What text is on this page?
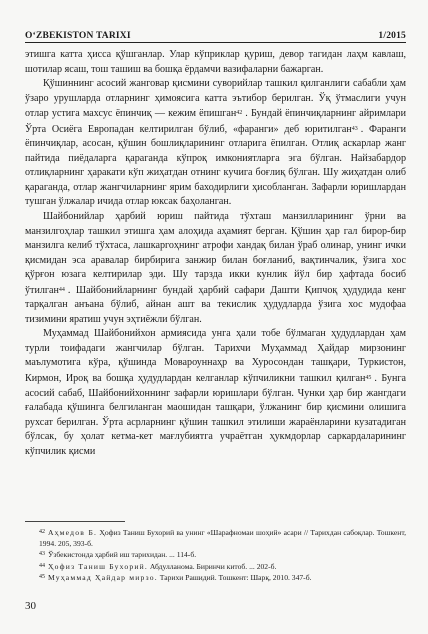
O‘ZBEKISTON TARIXI	1/2015

этишга катта ҳисса қўшганлар. Улар кўприклар қуриш, девор тагидан лаҳм кавлаш, шотилар ясаш, тош ташиш ва бошқа ёрдамчи вазифаларни бажарган.

Қўшиннинг асосий жанговар қисмини суворийлар ташкил қилганлиги сабабли ҳам ўзаро урушларда отларнинг ҳимоясига катта эътибор берилган. Ўқ ўтмаслиги учун отлар устига махсус ёпинчиқ — кежим ёпишган$^{42}$ . Бундай ёпинчиқларнинг айримлари Ўрта Осиёга Европадан келтирилган бўлиб, «фаранги» деб юритилган$^{43}$ . Фаранги ёпинчиқлар, асосан, қўшин бошлиқларининг отларига ёпилган. Отлиқ аскарлар жанг пайтида пиёдаларга қараганда кўпроқ имкониятларга эга бўлган. Найзабардор отлиқларнинг ҳаракати кўп жиҳатдан отнинг кучига боғлиқ бўлган. Шу жиҳатдан олиб қараганда, отлар жангчиларнинг ярим баходирлиги ҳисобланган. Зафарли юришлардан тушган ўлжалар ичида отлар юксак баҳоланган.

Шайбонийлар ҳарбий юриш пайтида тўхташ манзилларининг ўрни ва манзилгоҳлар ташкил этишга ҳам алоҳида аҳамият берган. Қўшин ҳар гал бирор-бир манзилга келиб тўхтаса, лашкаргоҳнинг атрофи хандақ билан ўраб олинар, унинг ички қисмидан эса аравалар бирбирига занжир билан боғланиб, вақтинчалик, ўзига хос қўрғон юзага келтирилар эди. Шу тарзда икки кунлик йўл бир ҳафтада босиб ўтилган$^{44}$ . Шайбонийларнинг бундай ҳарбий сафари Дашти Қипчоқ ҳудудида кенг тарқалган анъана бўлиб, айнан ашт ва текислик ҳудудларда ўзига хос мудофаа тизимини яратиш учун эҳтиёжли бўлган.

Муҳаммад Шайбонийхон армиясида унга ҳали тобе бўлмаган ҳудудлардан ҳам турли тоифадаги жангчилар бўлган. Тарихчи Муҳаммад Ҳайдар мирзонинг маълумотига кўра, қўшинда Мовароуннаҳр ва Хуросондан ташқари, Туркистон, Кирмон, Ироқ ва бошқа ҳудудлардан келганлар кўпчиликни ташкил қилган$^{45}$ . Бунга асосий сабаб, Шайбонийхоннинг зафарли юришлари бўлган. Чунки ҳар бир жангдаги ғалабада қўшинга белгиланган маошидан ташқари, ўлжанинг бир қисмини олишига рухсат берилган. Ўрта асрларнинг қўшин ташкил этилиши жараёнларини кузатадиган бўлсак, бу ҳолат кетма-кет мағлубиятга учраётган ҳукмдорлар саркардаларининг кўпчилик қисми

$^{42}$ Аҳмедов Б. Ҳофиз Таниш Бухорий ва унинг «Шарафномаи шоҳий» асари // Тарихдан сабоқлар. Тошкент, 1994. 205, 393-б.

$^{43}$ Ўзбекистонда ҳарбий иш тарихидан. ... 114-б.

$^{44}$ Ҳофиз Таниш Бухорий. Абдулланома. Биринчи китоб. ... 202-б.

$^{45}$ Муҳаммад Ҳайдар мирзо. Тарихи Рашидий. Тошкент: Шарқ, 2010. 347-б.

30
